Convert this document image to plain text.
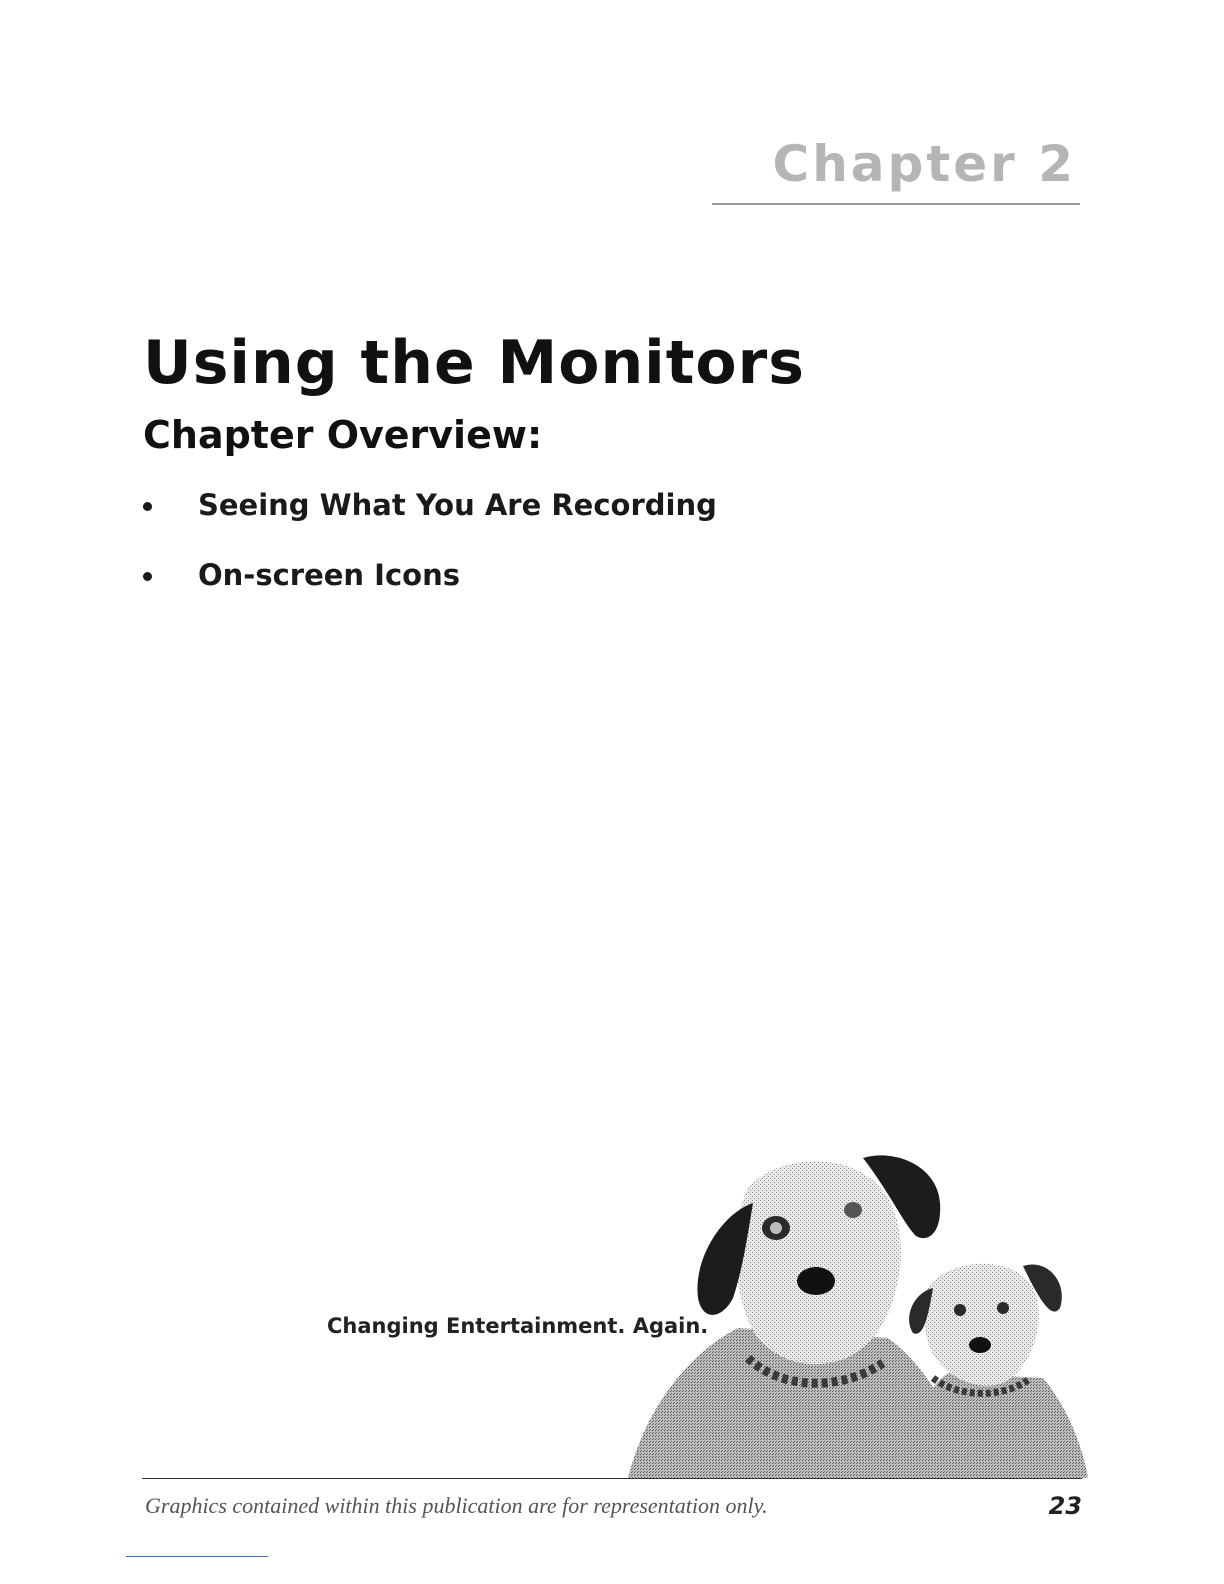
Chapter 2
Using the Monitors
Chapter Overview:
Seeing What You Are Recording
On-screen Icons
Changing Entertainment. Again.
Graphics contained within this publication are for representation only.	23
